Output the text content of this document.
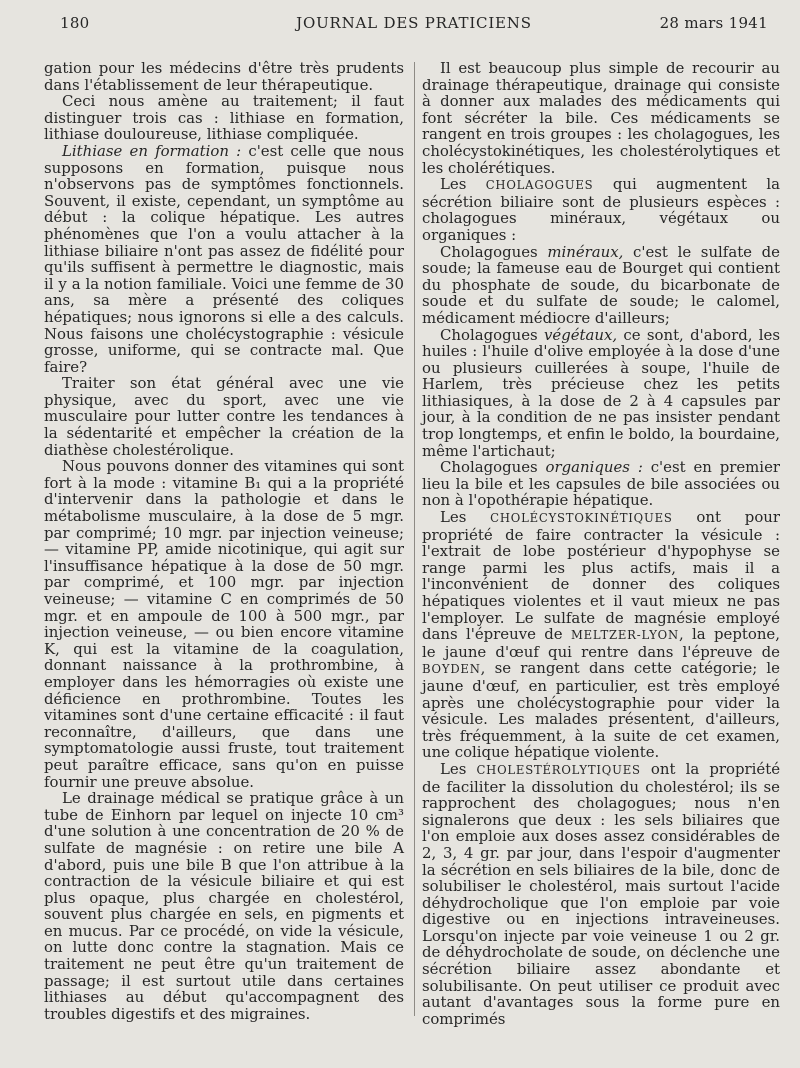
180	JOURNAL DES PRATICIENS	28 mars 1941

gation pour les médecins d'être très prudents dans l'établissement de leur thérapeutique.

Ceci nous amène au traitement; il faut distinguer trois cas : lithiase en formation, lithiase douloureuse, lithiase compliquée.

Lithiase en formation : c'est celle que nous supposons en formation, puisque nous n'observons pas de symptômes fonctionnels. Souvent, il existe, cependant, un symptôme au début : la colique hépatique. Les autres phénomènes que l'on a voulu attacher à la lithiase biliaire n'ont pas assez de fidélité pour qu'ils suffisent à permettre le diagnostic, mais il y a la notion familiale. Voici une femme de 30 ans, sa mère a présenté des coliques hépatiques; nous ignorons si elle a des calculs. Nous faisons une cholécystographie : vésicule grosse, uniforme, qui se contracte mal. Que faire?

Traiter son état général avec une vie physique, avec du sport, avec une vie musculaire pour lutter contre les tendances à la sédentarité et empêcher la création de la diathèse cholestérolique.

Nous pouvons donner des vitamines qui sont fort à la mode : vitamine B₁ qui a la propriété d'intervenir dans la pathologie et dans le métabolisme musculaire, à la dose de 5 mgr. par comprimé; 10 mgr. par injection veineuse; — vitamine PP, amide nicotinique, qui agit sur l'insuffisance hépatique à la dose de 50 mgr. par comprimé, et 100 mgr. par injection veineuse; — vitamine C en comprimés de 50 mgr. et en ampoule de 100 à 500 mgr., par injection veineuse, — ou bien encore vitamine K, qui est la vitamine de la coagulation, donnant naissance à la prothrombine, à employer dans les hémorragies où existe une déficience en prothrombine. Toutes les vitamines sont d'une certaine efficacité : il faut reconnaître, d'ailleurs, que dans une symptomatologie aussi fruste, tout traitement peut paraître efficace, sans qu'on en puisse fournir une preuve absolue.

Le drainage médical se pratique grâce à un tube de Einhorn par lequel on injecte 10 cm³ d'une solution à une concentration de 20 % de sulfate de magnésie : on retire une bile A d'abord, puis une bile B que l'on attribue à la contraction de la vésicule biliaire et qui est plus opaque, plus chargée en cholestérol, souvent plus chargée en sels, en pigments et en mucus. Par ce procédé, on vide la vésicule, on lutte donc contre la stagnation. Mais ce traitement ne peut être qu'un traitement de passage; il est surtout utile dans certaines lithiases au début qu'accompagnent des troubles digestifs et des migraines.

Il est beaucoup plus simple de recourir au drainage thérapeutique, drainage qui consiste à donner aux malades des médicaments qui font sécréter la bile. Ces médicaments se rangent en trois groupes : les cholagogues, les cholécystokinétiques, les cholestérolytiques et les cholérétiques.

Les CHOLAGOGUES qui augmentent la sécrétion biliaire sont de plusieurs espèces : cholagogues minéraux, végétaux ou organiques :

Cholagogues minéraux, c'est le sulfate de soude; la fameuse eau de Bourget qui contient du phosphate de soude, du bicarbonate de soude et du sulfate de soude; le calomel, médicament médiocre d'ailleurs;

Cholagogues végétaux, ce sont, d'abord, les huiles : l'huile d'olive employée à la dose d'une ou plusieurs cuillerées à soupe, l'huile de Harlem, très précieuse chez les petits lithiasiques, à la dose de 2 à 4 capsules par jour, à la condition de ne pas insister pendant trop longtemps, et enfin le boldo, la bourdaine, même l'artichaut;

Cholagogues organiques : c'est en premier lieu la bile et les capsules de bile associées ou non à l'opothérapie hépatique.

Les CHOLÉCYSTOKINÉTIQUES ont pour propriété de faire contracter la vésicule : l'extrait de lobe postérieur d'hypophyse se range parmi les plus actifs, mais il a l'inconvénient de donner des coliques hépatiques violentes et il vaut mieux ne pas l'employer. Le sulfate de magnésie employé dans l'épreuve de MELTZER-LYON, la peptone, le jaune d'œuf qui rentre dans l'épreuve de BOYDEN, se rangent dans cette catégorie; le jaune d'œuf, en particulier, est très employé après une cholécystographie pour vider la vésicule. Les malades présentent, d'ailleurs, très fréquemment, à la suite de cet examen, une colique hépatique violente.

Les CHOLESTÉROLYTIQUES ont la propriété de faciliter la dissolution du cholestérol; ils se rapprochent des cholagogues; nous n'en signalerons que deux : les sels biliaires que l'on emploie aux doses assez considérables de 2, 3, 4 gr. par jour, dans l'espoir d'augmenter la sécrétion en sels biliaires de la bile, donc de solubiliser le cholestérol, mais surtout l'acide déhydrocholique que l'on emploie par voie digestive ou en injections intraveineuses. Lorsqu'on injecte par voie veineuse 1 ou 2 gr. de déhydrocholate de soude, on déclenche une sécrétion biliaire assez abondante et solubilisante. On peut utiliser ce produit avec autant d'avantages sous la forme pure en comprimés
